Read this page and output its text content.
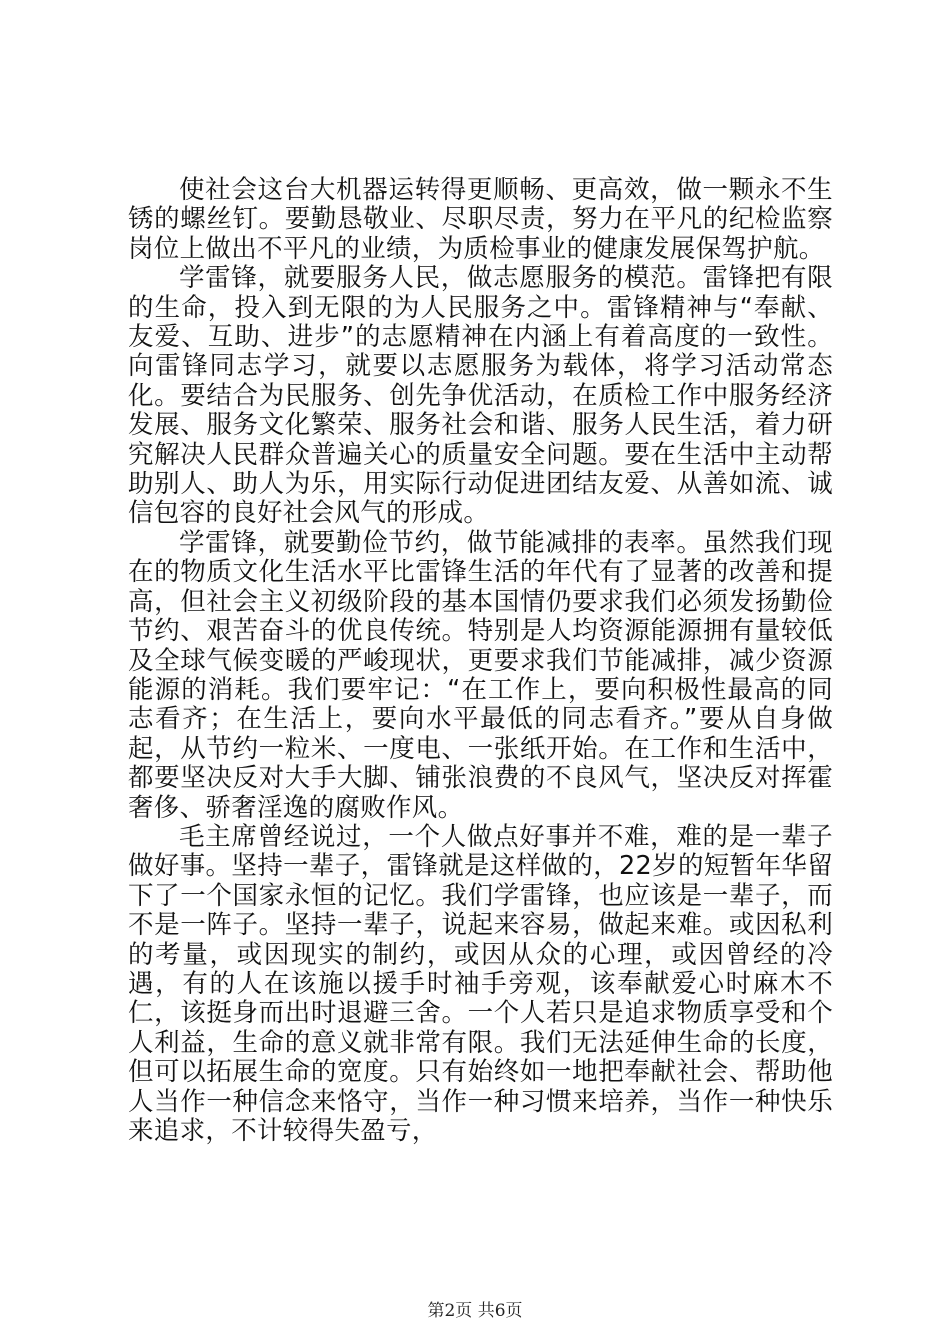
使社会这台大机器运转得更顺畅、更高效，做一颗永不生锈的螺丝钉。要勤恳敬业、尽职尽责，努力在平凡的纪检监察岗位上做出不平凡的业绩，为质检事业的健康发展保驾护航。

学雷锋，就要服务人民，做志愿服务的模范。雷锋把有限的生命，投入到无限的为人民服务之中。雷锋精神与“奉献、友爱、互助、进步”的志愿精神在内涵上有着高度的一致性。向雷锋同志学习，就要以志愿服务为载体，将学习活动常态化。要结合为民服务、创先争优活动，在质检工作中服务经济发展、服务文化繁荣、服务社会和谐、服务人民生活，着力研究解决人民群众普遍关心的质量安全问题。要在生活中主动帮助别人、助人为乐，用实际行动促进团结友爱、从善如流、诚信包容的良好社会风气的形成。

学雷锋，就要勤俭节约，做节能减排的表率。虽然我们现在的物质文化生活水平比雷锋生活的年代有了显著的改善和提高，但社会主义初级阶段的基本国情仍要求我们必须发扬勤俭节约、艰苦奋斗的优良传统。特别是人均资源能源拥有量较低及全球气候变暖的严峻现状，更要求我们节能减排，减少资源能源的消耗。我们要牢记：“在工作上，要向积极性最高的同志看齐；在生活上，要向水平最低的同志看齐。”要从自身做起，从节约一粒米、一度电、一张纸开始。在工作和生活中，都要坚决反对大手大脚、铺张浪费的不良风气，坚决反对挥霍奢侈、骄奢淫逸的腐败作风。

毛主席曾经说过，一个人做点好事并不难，难的是一辈子做好事。坚持一辈子，雷锋就是这样做的，22岁的短暂年华留下了一个国家永恒的记忆。我们学雷锋，也应该是一辈子，而不是一阵子。坚持一辈子，说起来容易，做起来难。或因私利的考量，或因现实的制约，或因从众的心理，或因曾经的冷遇，有的人在该施以援手时袖手旁观，该奉献爱心时麻木不仁，该挺身而出时退避三舍。一个人若只是追求物质享受和个人利益，生命的意义就非常有限。我们无法延伸生命的长度，但可以拓展生命的宽度。只有始终如一地把奉献社会、帮助他人当作一种信念来恪守，当作一种习惯来培养，当作一种快乐来追求，不计较得失盈亏，

第2页 共6页
